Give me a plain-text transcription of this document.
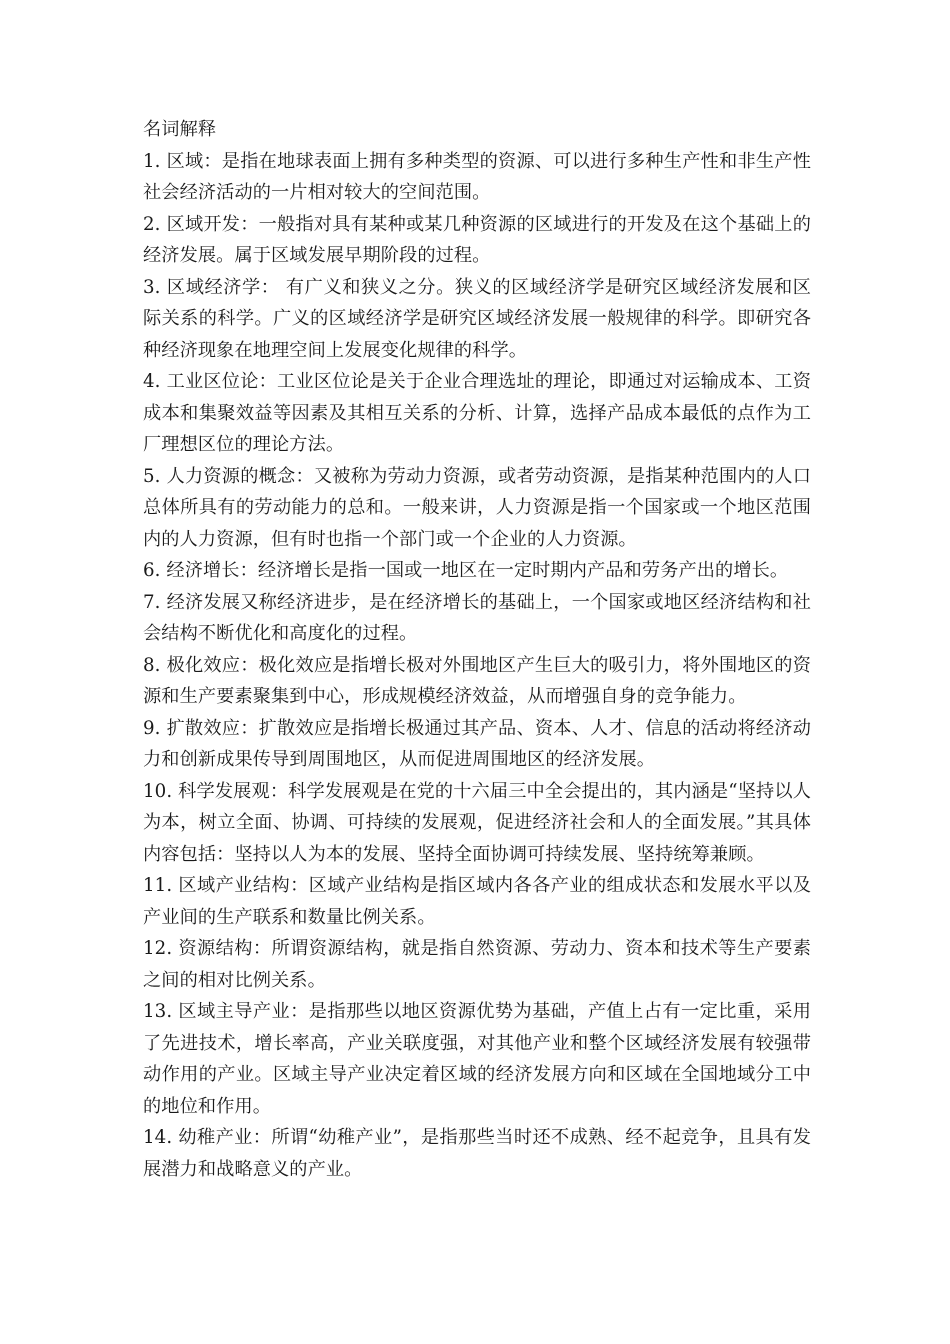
名词解释

1. 区域：是指在地球表面上拥有多种类型的资源、可以进行多种生产性和非生产性社会经济活动的一片相对较大的空间范围。

2. 区域开发：一般指对具有某种或某几种资源的区域进行的开发及在这个基础上的经济发展。属于区域发展早期阶段的过程。

3. 区域经济学： 有广义和狭义之分。狭义的区域经济学是研究区域经济发展和区际关系的科学。广义的区域经济学是研究区域经济发展一般规律的科学。即研究各种经济现象在地理空间上发展变化规律的科学。

4. 工业区位论：工业区位论是关于企业合理选址的理论，即通过对运输成本、工资成本和集聚效益等因素及其相互关系的分析、计算，选择产品成本最低的点作为工厂理想区位的理论方法。

5. 人力资源的概念：又被称为劳动力资源，或者劳动资源，是指某种范围内的人口总体所具有的劳动能力的总和。一般来讲，人力资源是指一个国家或一个地区范围内的人力资源，但有时也指一个部门或一个企业的人力资源。

6. 经济增长：经济增长是指一国或一地区在一定时期内产品和劳务产出的增长。

7. 经济发展又称经济进步，是在经济增长的基础上，一个国家或地区经济结构和社会结构不断优化和高度化的过程。

8. 极化效应：极化效应是指增长极对外围地区产生巨大的吸引力，将外围地区的资源和生产要素聚集到中心，形成规模经济效益，从而增强自身的竞争能力。

9. 扩散效应：扩散效应是指增长极通过其产品、资本、人才、信息的活动将经济动力和创新成果传导到周围地区，从而促进周围地区的经济发展。

10. 科学发展观：科学发展观是在党的十六届三中全会提出的，其内涵是“坚持以人为本，树立全面、协调、可持续的发展观，促进经济社会和人的全面发展。”其具体内容包括：坚持以人为本的发展、坚持全面协调可持续发展、坚持统筹兼顾。

11. 区域产业结构：区域产业结构是指区域内各各产业的组成状态和发展水平以及产业间的生产联系和数量比例关系。

12. 资源结构：所谓资源结构，就是指自然资源、劳动力、资本和技术等生产要素之间的相对比例关系。

13. 区域主导产业：是指那些以地区资源优势为基础，产值上占有一定比重，采用了先进技术，增长率高，产业关联度强，对其他产业和整个区域经济发展有较强带动作用的产业。区域主导产业决定着区域的经济发展方向和区域在全国地域分工中的地位和作用。

14. 幼稚产业：所谓“幼稚产业”，是指那些当时还不成熟、经不起竞争，且具有发展潜力和战略意义的产业。
